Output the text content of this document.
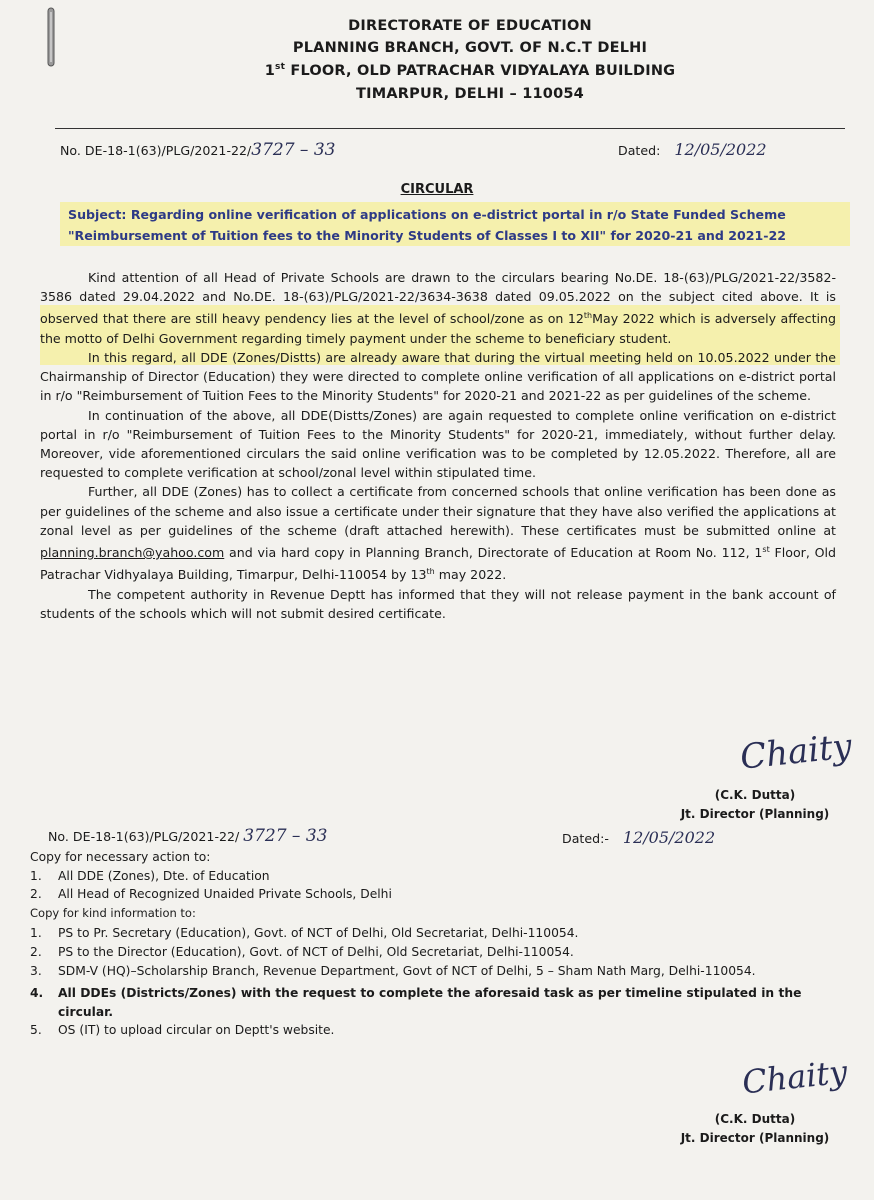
DIRECTORATE OF EDUCATION
PLANNING BRANCH, GOVT. OF N.C.T DELHI
1st FLOOR, OLD PATRACHAR VIDYALAYA BUILDING
TIMARPUR, DELHI – 110054
No. DE-18-1(63)/PLG/2021-22/3727 – 33	Dated: 12/05/2022
CIRCULAR
Subject: Regarding online verification of applications on e-district portal in r/o State Funded Scheme
"Reimbursement of Tuition fees to the Minority Students of Classes I to XII" for 2020-21 and 2021-22

Kind attention of all Head of Private Schools are drawn to the circulars bearing No.DE. 18-(63)/PLG/2021-22/3582-3586 dated 29.04.2022 and No.DE. 18-(63)/PLG/2021-22/3634-3638 dated 09.05.2022 on the subject cited above. It is observed that there are still heavy pendency lies at the level of school/zone as on 12thMay 2022 which is adversely affecting the motto of Delhi Government regarding timely payment under the scheme to beneficiary student.

In this regard, all DDE (Zones/Distts) are already aware that during the virtual meeting held on 10.05.2022 under the Chairmanship of Director (Education) they were directed to complete online verification of all applications on e-district portal in r/o "Reimbursement of Tuition Fees to the Minority Students" for 2020-21 and 2021-22 as per guidelines of the scheme.

In continuation of the above, all DDE(Distts/Zones) are again requested to complete online verification on e-district portal in r/o "Reimbursement of Tuition Fees to the Minority Students" for 2020-21, immediately, without further delay. Moreover, vide aforementioned circulars the said online verification was to be completed by 12.05.2022. Therefore, all are requested to complete verification at school/zonal level within stipulated time.

Further, all DDE (Zones) has to collect a certificate from concerned schools that online verification has been done as per guidelines of the scheme and also issue a certificate under their signature that they have also verified the applications at zonal level as per guidelines of the scheme (draft attached herewith). These certificates must be submitted online at planning.branch@yahoo.com and via hard copy in Planning Branch, Directorate of Education at Room No. 112, 1st Floor, Old Patrachar Vidhyalaya Building, Timarpur, Delhi-110054 by 13th may 2022.

The competent authority in Revenue Deptt has informed that they will not release payment in the bank account of students of the schools which will not submit desired certificate.

Chaity
(C.K. Dutta)
Jt. Director (Planning)
No. DE-18-1(63)/PLG/2021-22/ 3727 – 33	Dated:- 12/05/2022
Copy for necessary action to:
1. All DDE (Zones), Dte. of Education
2. All Head of Recognized Unaided Private Schools, Delhi
Copy for kind information to:
1. PS to Pr. Secretary (Education), Govt. of NCT of Delhi, Old Secretariat, Delhi-110054.
2. PS to the Director (Education), Govt. of NCT of Delhi, Old Secretariat, Delhi-110054.
3. SDM-V (HQ)–Scholarship Branch, Revenue Department, Govt of NCT of Delhi, 5 – Sham Nath Marg, Delhi-110054.
4. All DDEs (Districts/Zones) with the request to complete the aforesaid task as per timeline stipulated in the circular.
5. OS (IT) to upload circular on Deptt's website.
Chaity
(C.K. Dutta)
Jt. Director (Planning)
